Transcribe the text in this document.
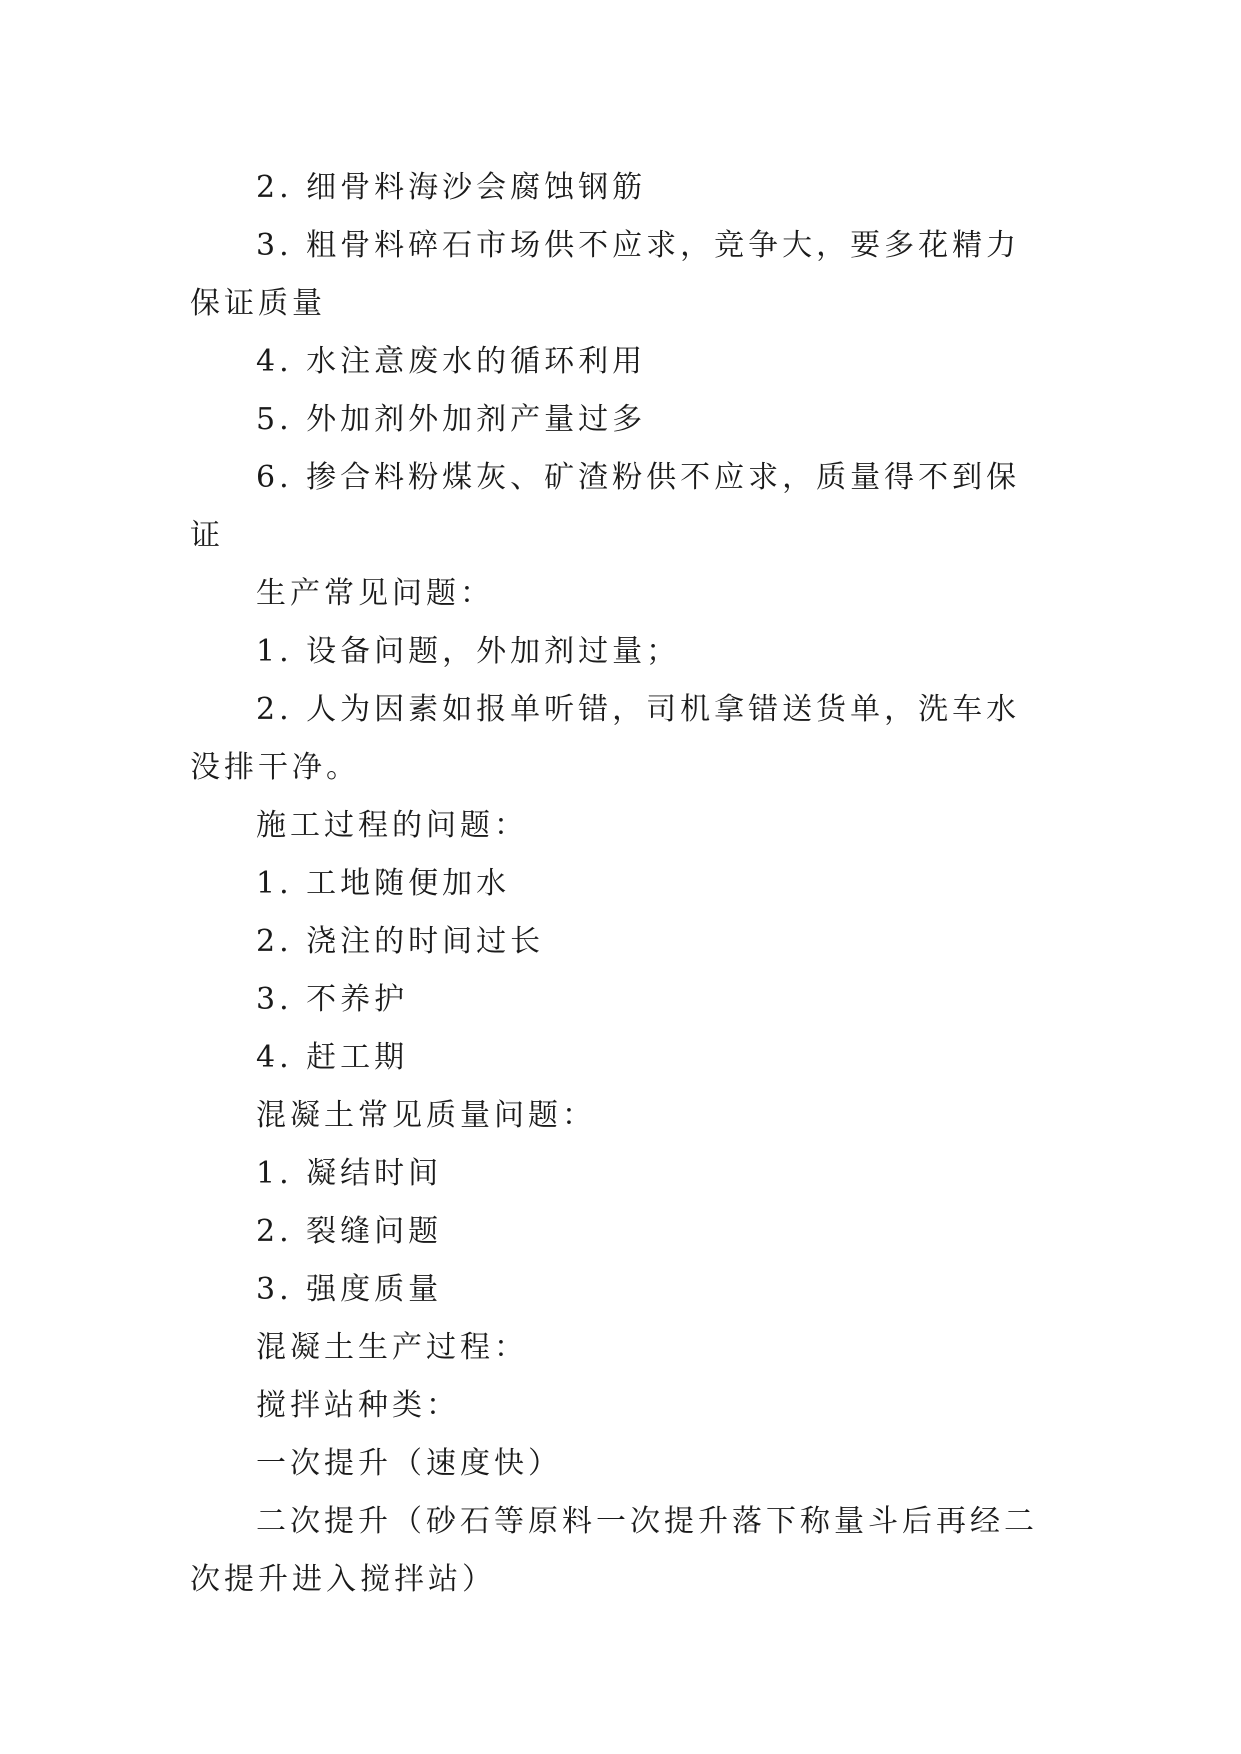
2. 细骨料海沙会腐蚀钢筋

3. 粗骨料碎石市场供不应求，竞争大，要多花精力保证质量

4. 水注意废水的循环利用

5. 外加剂外加剂产量过多

6. 掺合料粉煤灰、矿渣粉供不应求，质量得不到保证

生产常见问题：

1. 设备问题，外加剂过量；

2. 人为因素如报单听错，司机拿错送货单，洗车水没排干净。

施工过程的问题：

1. 工地随便加水

2. 浇注的时间过长

3. 不养护

4. 赶工期

混凝土常见质量问题：

1. 凝结时间

2. 裂缝问题

3. 强度质量

混凝土生产过程：

搅拌站种类：

一次提升（速度快）

二次提升（砂石等原料一次提升落下称量斗后再经二次提升进入搅拌站）
